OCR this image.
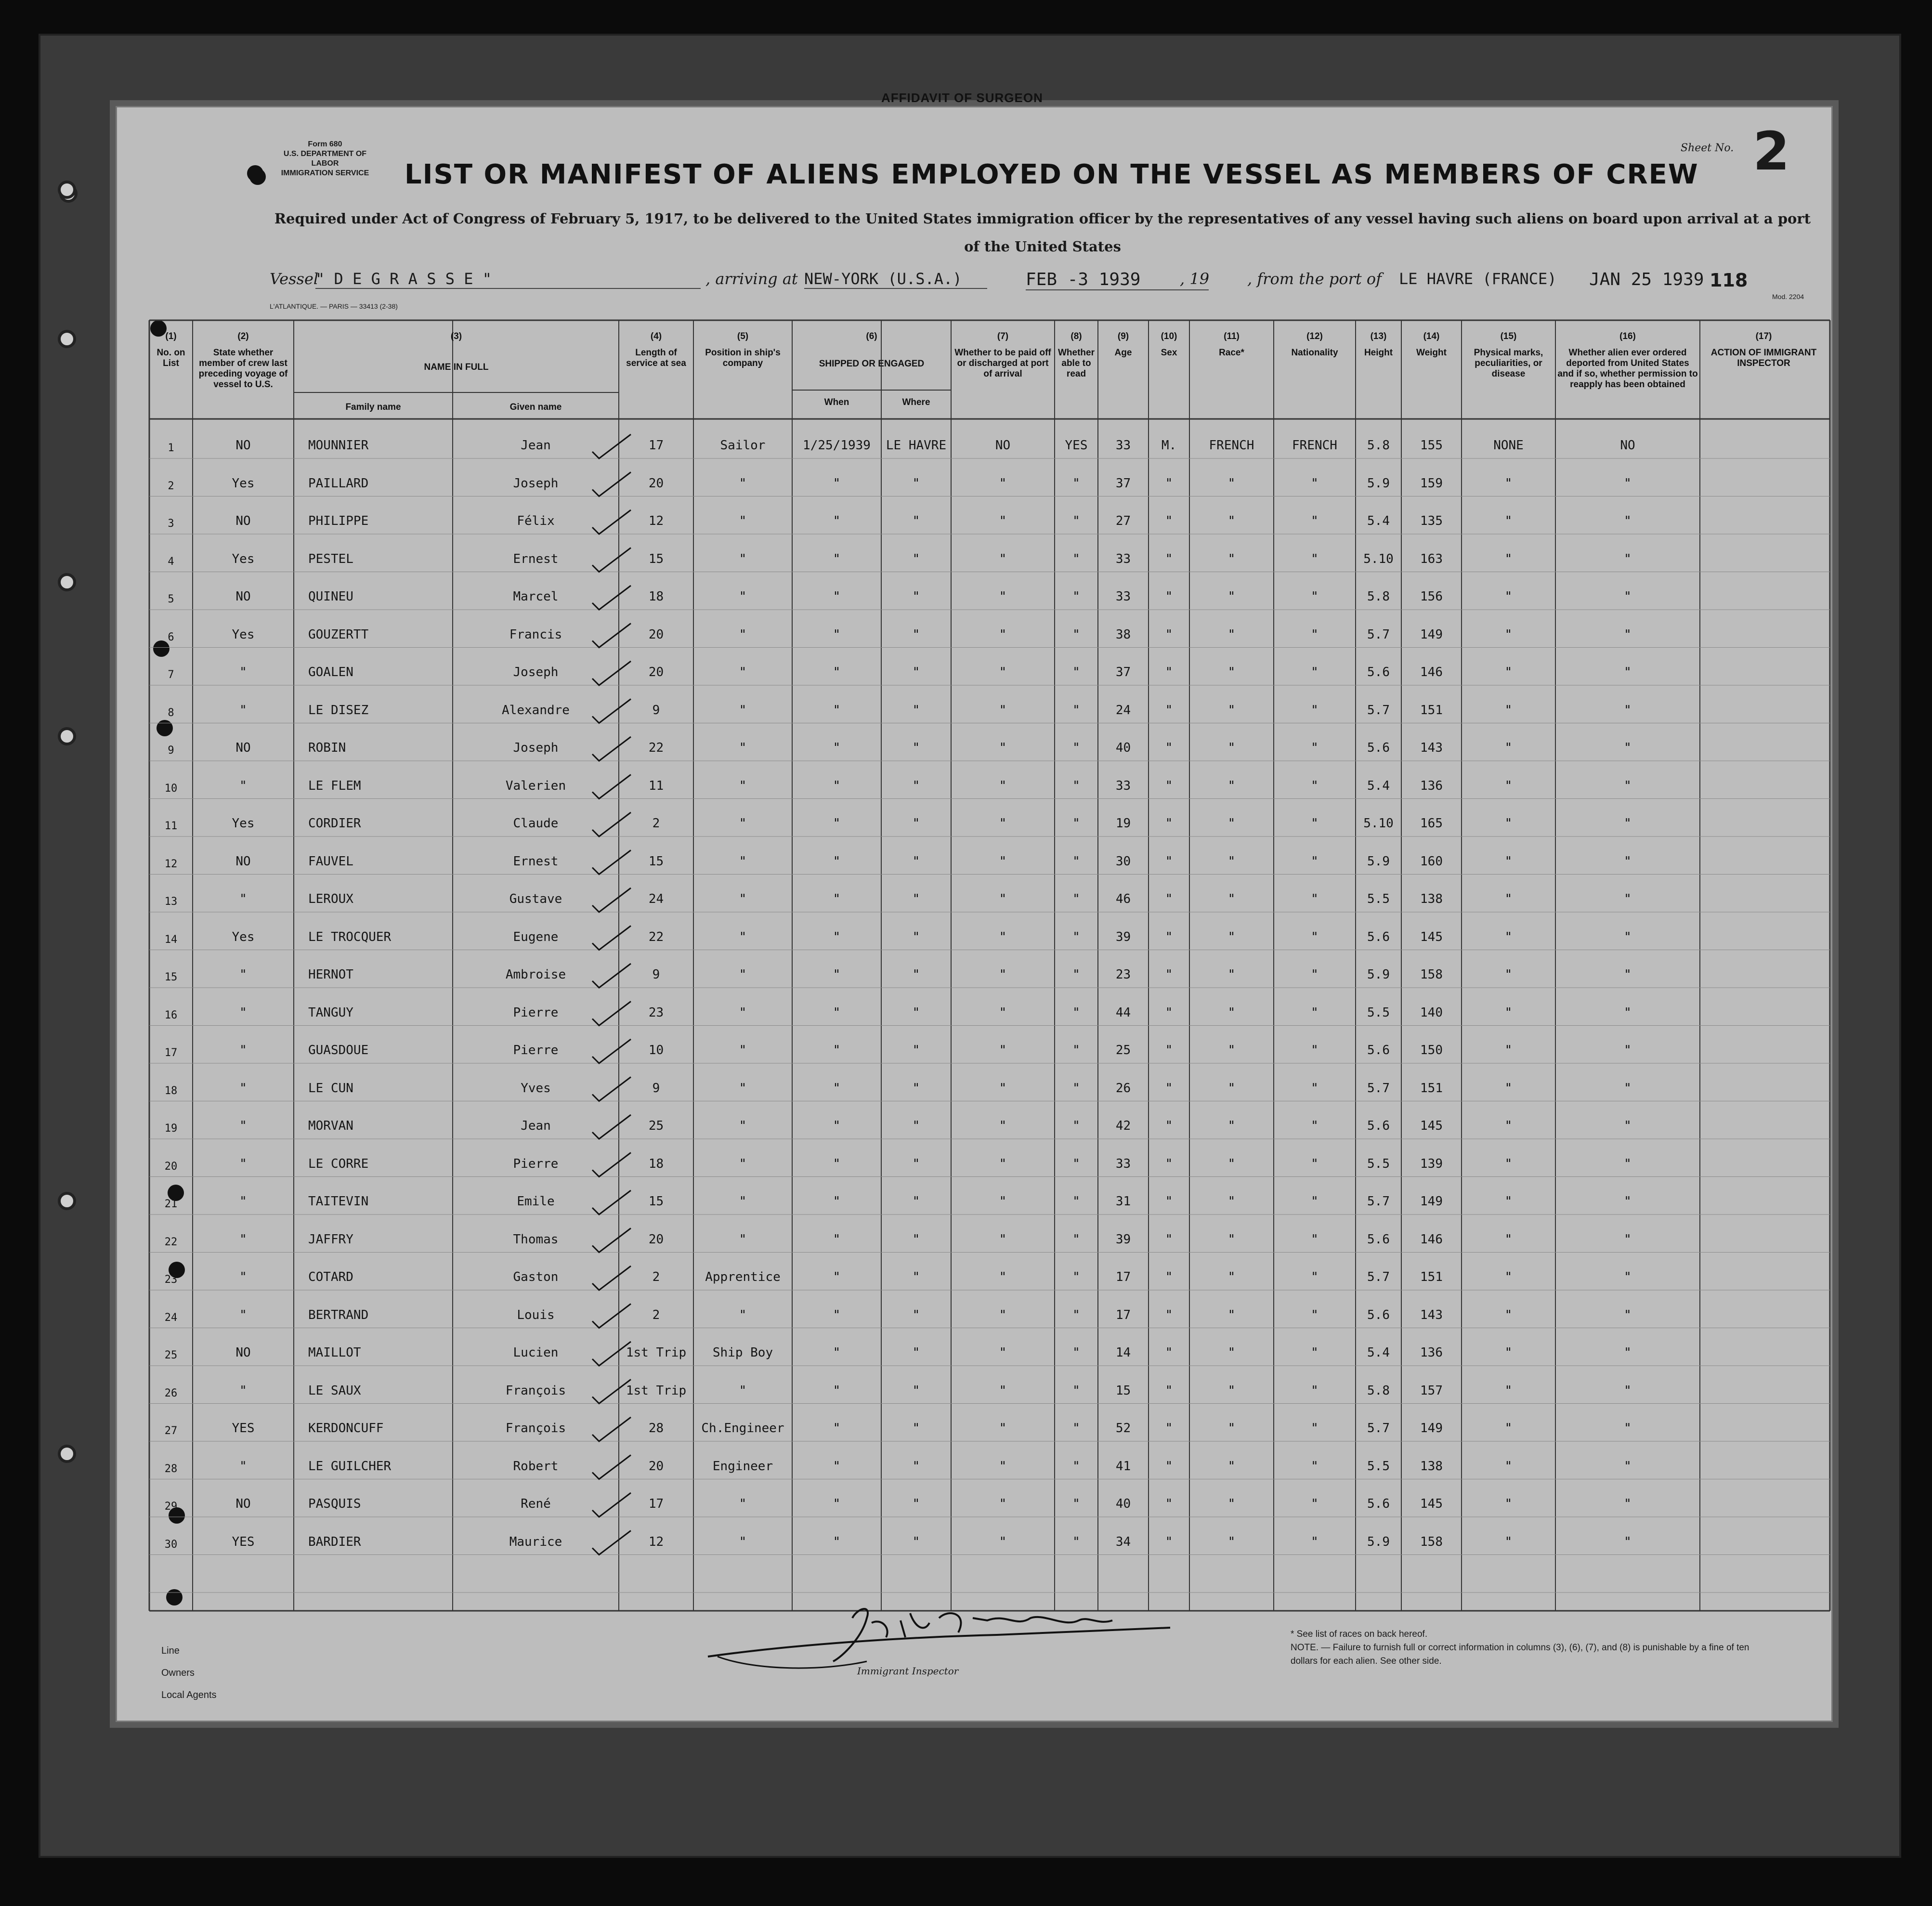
AFFIDAVIT OF SURGEON
Form 680
U.S. DEPARTMENT OF LABOR
IMMIGRATION SERVICE	LIST OR MANIFEST OF ALIENS EMPLOYED ON THE VESSEL AS MEMBERS OF CREW
Sheet No. 2
Required under Act of Congress of February 5, 1917, to be delivered to the United States immigration officer by the representatives of any vessel having such aliens on board upon arrival at a port of the United States
Vessel
" D E G R A S S E "	, arriving at NEW-YORK (U.S.A.)	FEB -3 1939	, 19 , from the port of LE HAVRE (FRANCE) JAN 25 1939 118
L'ATLANTIQUE. — PARIS — 33413 (2-38)
Mod. 2204
(1)
No. on List
(2)
State whether member of crew last preceding voyage of vessel to U.S.
(3)
NAME IN FULL
(4)
Length of service at sea
(5)
Position in ship's company
(6)
SHIPPED OR ENGAGED
(7)
Whether to be paid off or discharged at port of arrival
(8)
Whether able to read
(9)
Age
(10)
Sex
(11)
Race*
(12)
Nationality
(13)
Height
(14)
Weight
(15)
Physical marks, peculiarities, or disease
(16)
Whether alien ever ordered deported from United States and if so, whether permission to reapply has been obtained
(17)
ACTION OF IMMIGRANT INSPECTOR
Family name	Given name	When	Where
1	NO	MOUNNIER	Jean	17	Sailor	1/25/1939	LE HAVRE	NO	YES	33	M.	FRENCH	FRENCH	5.8	155	NONE	NO
2	Yes	PAILLARD	Joseph	20	"	"	"	"	"	37	"	"	"	5.9	159	"	"
3	NO	PHILIPPE	Félix	12	"	"	"	"	"	27	"	"	"	5.4	135	"	"
4	Yes	PESTEL	Ernest	15	"	"	"	"	"	33	"	"	"	5.10	163	"	"
5	NO	QUINEU	Marcel	18	"	"	"	"	"	33	"	"	"	5.8	156	"	"
6	Yes	GOUZERTT	Francis	20	"	"	"	"	"	38	"	"	"	5.7	149	"	"
7	"	GOALEN	Joseph	20	"	"	"	"	"	37	"	"	"	5.6	146	"	"
8	"	LE DISEZ	Alexandre	9	"	"	"	"	"	24	"	"	"	5.7	151	"	"
9	NO	ROBIN	Joseph	22	"	"	"	"	"	40	"	"	"	5.6	143	"	"
10	"	LE FLEM	Valerien	11	"	"	"	"	"	33	"	"	"	5.4	136	"	"
11	Yes	CORDIER	Claude	2	"	"	"	"	"	19	"	"	"	5.10	165	"	"
12	NO	FAUVEL	Ernest	15	"	"	"	"	"	30	"	"	"	5.9	160	"	"
13	"	LEROUX	Gustave	24	"	"	"	"	"	46	"	"	"	5.5	138	"	"
14	Yes	LE TROCQUER	Eugene	22	"	"	"	"	"	39	"	"	"	5.6	145	"	"
15	"	HERNOT	Ambroise	9	"	"	"	"	"	23	"	"	"	5.9	158	"	"
16	"	TANGUY	Pierre	23	"	"	"	"	"	44	"	"	"	5.5	140	"	"
17	"	GUASDOUE	Pierre	10	"	"	"	"	"	25	"	"	"	5.6	150	"	"
18	"	LE CUN	Yves	9	"	"	"	"	"	26	"	"	"	5.7	151	"	"
19	"	MORVAN	Jean	25	"	"	"	"	"	42	"	"	"	5.6	145	"	"
20	"	LE CORRE	Pierre	18	"	"	"	"	"	33	"	"	"	5.5	139	"	"
21	"	TAITEVIN	Emile	15	"	"	"	"	"	31	"	"	"	5.7	149	"	"
22	"	JAFFRY	Thomas	20	"	"	"	"	"	39	"	"	"	5.6	146	"	"
23	"	COTARD	Gaston	2	Apprentice	"	"	"	"	17	"	"	"	5.7	151	"	"
24	"	BERTRAND	Louis	2	"	"	"	"	"	17	"	"	"	5.6	143	"	"
25	NO	MAILLOT	Lucien	1st Trip	Ship Boy	"	"	"	"	14	"	"	"	5.4	136	"	"
26	"	LE SAUX	François	1st Trip	"	"	"	"	"	15	"	"	"	5.8	157	"	"
27	YES	KERDONCUFF	François	28	Ch.Engineer	"	"	"	"	52	"	"	"	5.7	149	"	"
28	"	LE GUILCHER	Robert	20	Engineer	"	"	"	"	41	"	"	"	5.5	138	"	"
29	NO	PASQUIS	René	17	"	"	"	"	"	40	"	"	"	5.6	145	"	"
30	YES	BARDIER	Maurice	12	"	"	"	"	"	34	"	"	"	5.9	158	"	"
Line
Owners
Local Agents
Immigrant Inspector
* See list of races on back hereof.
NOTE. — Failure to furnish full or correct information in columns (3), (6), (7), and (8) is punishable by a fine of ten dollars for each alien. See other side.
